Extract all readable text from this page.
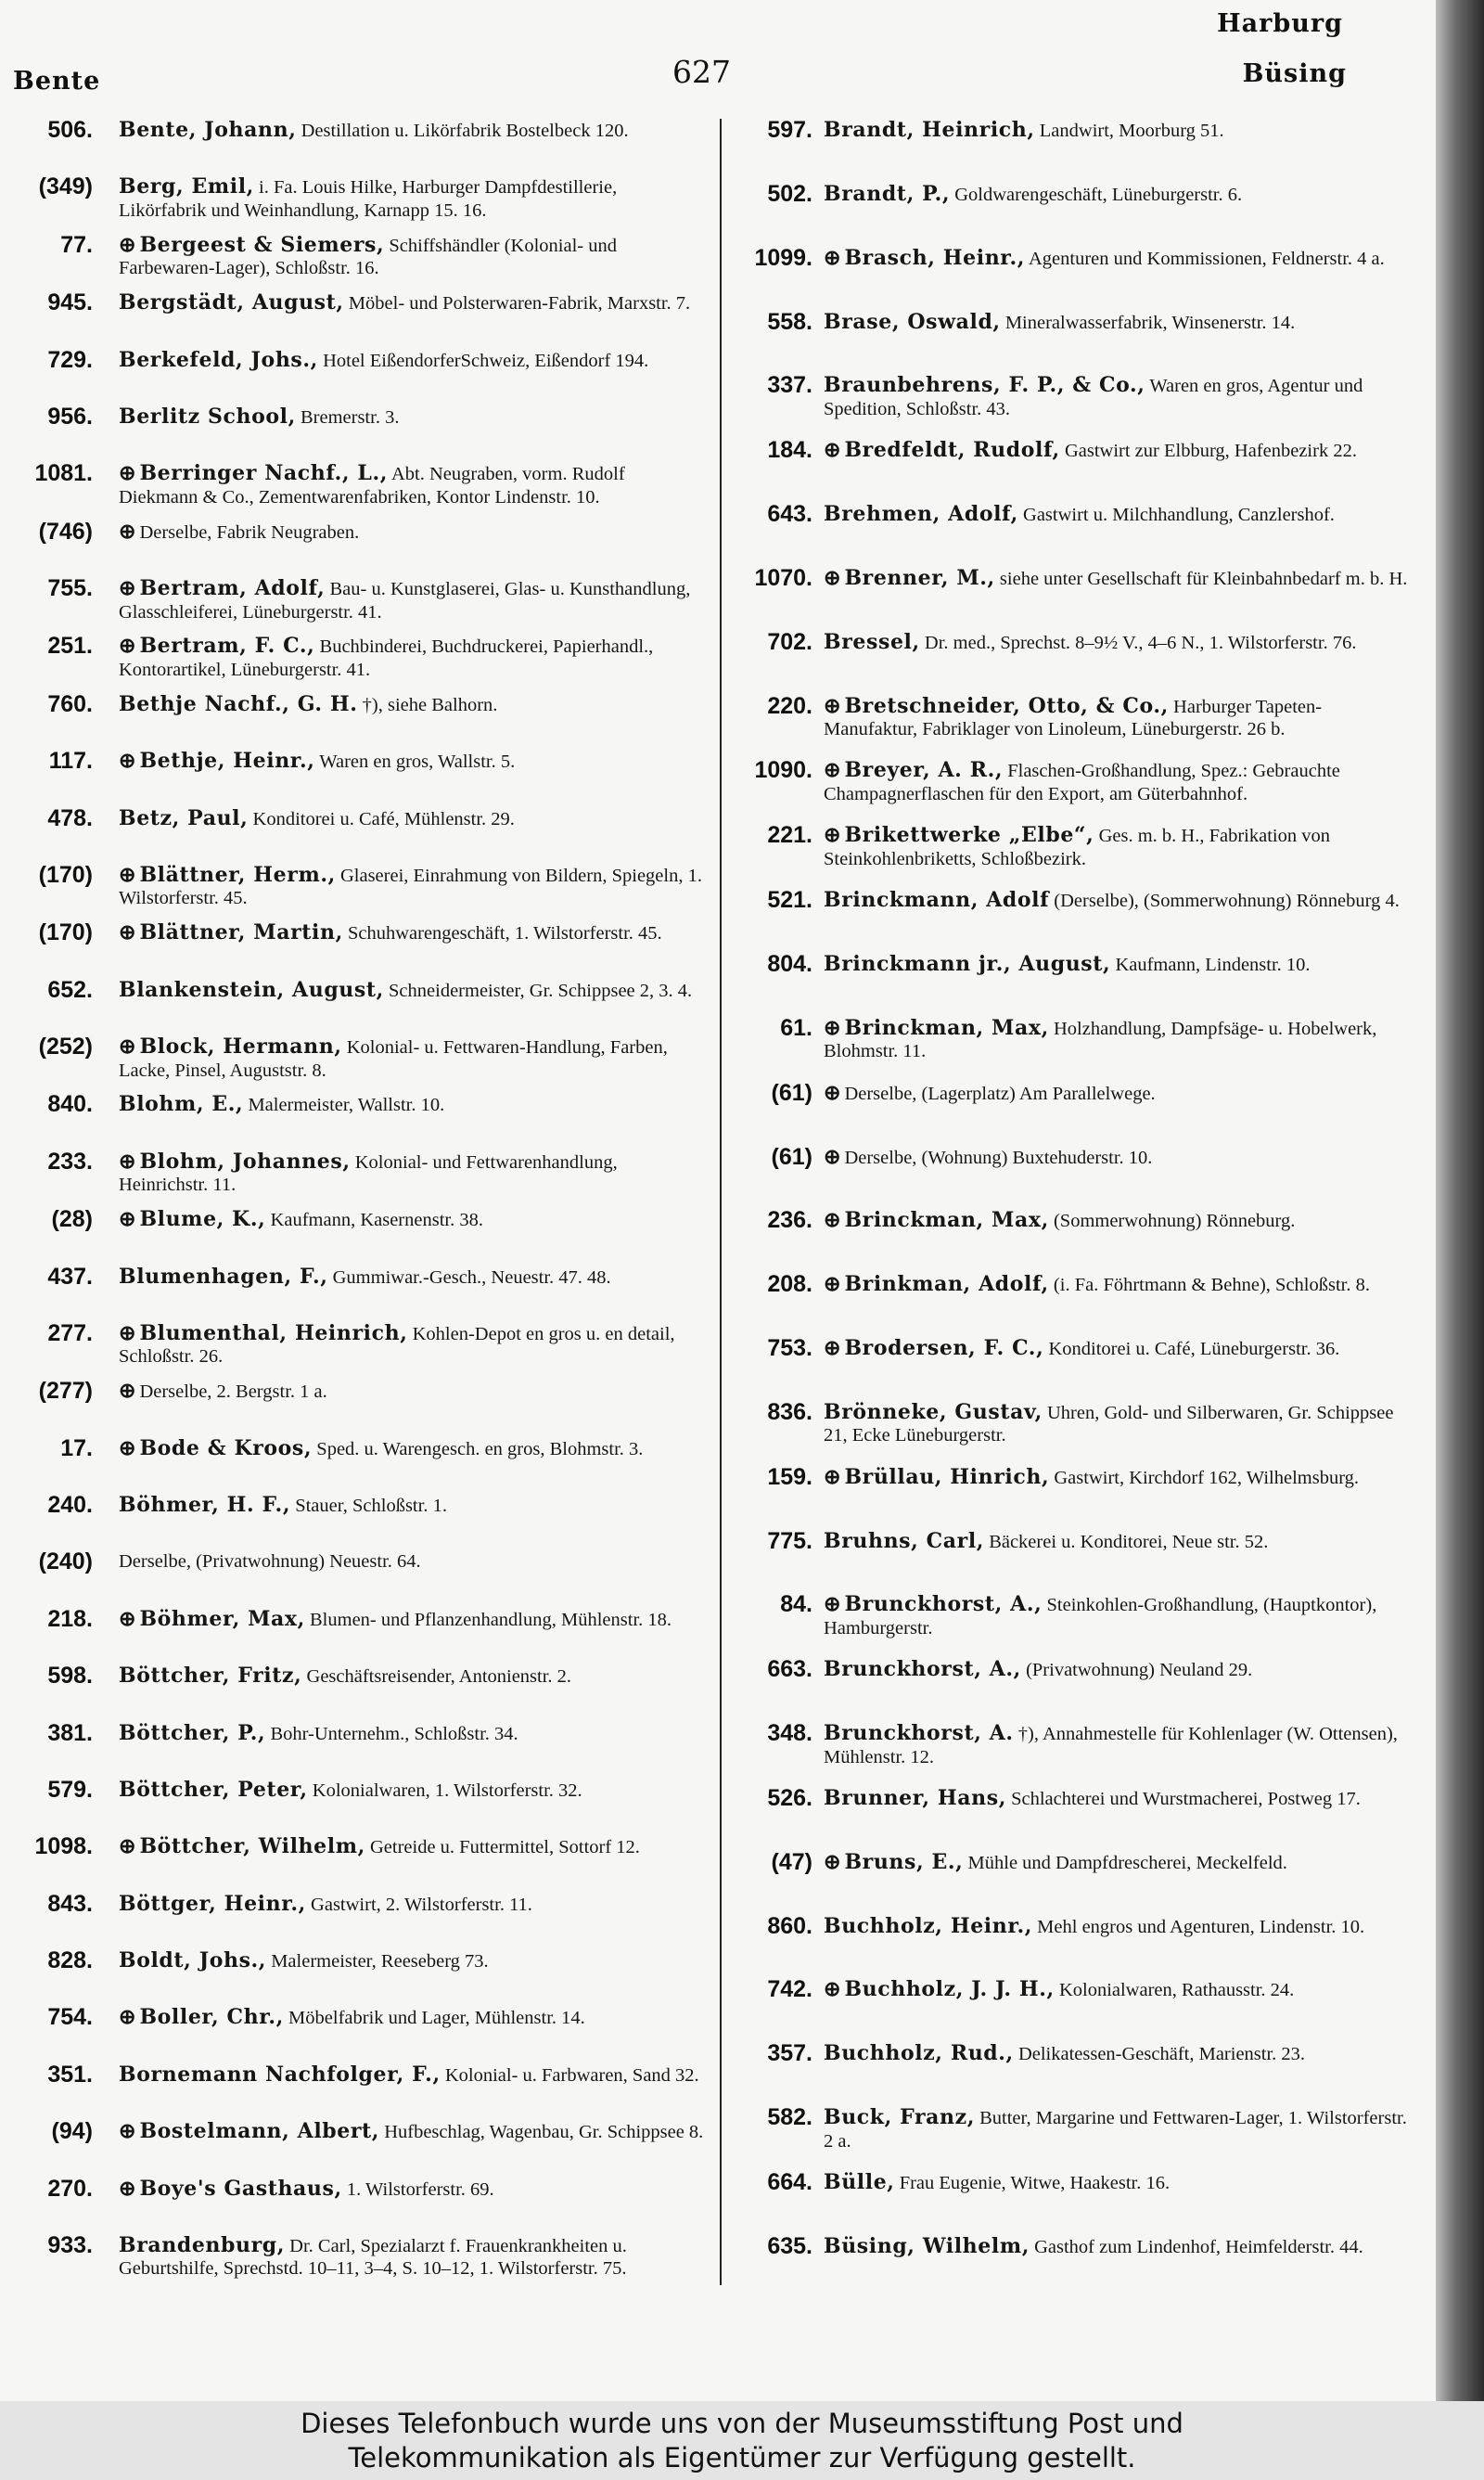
Harburg
Bente	627	Büsing
506. Bente, Johann, Destillation u. Likörfabrik Bostelbeck 120.
(349) Berg, Emil, i. Fa. Louis Hilke, Harburger Dampfdestillerie, Likörfabrik und Weinhandlung, Karnapp 15. 16.
77. ⊕ Bergeest & Siemers, Schiffshändler (Kolonial- und Farbewaren-Lager), Schloßstr. 16.
945. Bergstädt, August, Möbel- und Polsterwaren-Fabrik, Marxstr. 7.
729. Berkefeld, Johs., Hotel EißendorferSchweiz, Eißendorf 194.
956. Berlitz School, Bremerstr. 3.
1081. ⊕ Berringer Nachf., L., Abt. Neugraben, vorm. Rudolf Diekmann & Co., Zementwarenfabriken, Kontor Lindenstr. 10.
(746) ⊕ Derselbe, Fabrik Neugraben.
755. ⊕ Bertram, Adolf, Bau- u. Kunstglaserei, Glas- u. Kunsthandlung, Glasschleiferei, Lüneburgerstr. 41.
251. ⊕ Bertram, F. C., Buchbinderei, Buchdruckerei, Papierhandl., Kontorartikel, Lüneburgerstr. 41.
760. Bethje Nachf., G. H. †), siehe Balhorn.
117. ⊕ Bethje, Heinr., Waren en gros, Wallstr. 5.
478. Betz, Paul, Konditorei u. Café, Mühlenstr. 29.
(170) ⊕ Blättner, Herm., Glaserei, Einrahmung von Bildern, Spiegeln, 1. Wilstorferstr. 45.
(170) ⊕ Blättner, Martin, Schuhwarengeschäft, 1. Wilstorferstr. 45.
652. Blankenstein, August, Schneidermeister, Gr. Schippsee 2, 3. 4.
(252) ⊕ Block, Hermann, Kolonial- u. Fettwaren-Handlung, Farben, Lacke, Pinsel, Auguststr. 8.
840. Blohm, E., Malermeister, Wallstr. 10.
233. ⊕ Blohm, Johannes, Kolonial- und Fettwarenhandlung, Heinrichstr. 11.
(28) ⊕ Blume, K., Kaufmann, Kasernenstr. 38.
437. Blumenhagen, F., Gummiwar.-Gesch., Neuestr. 47. 48.
277. ⊕ Blumenthal, Heinrich, Kohlen-Depot en gros u. en detail, Schloßstr. 26.
(277) ⊕ Derselbe, 2. Bergstr. 1 a.
17. ⊕ Bode & Kroos, Sped. u. Warengesch. en gros, Blohmstr. 3.
240. Böhmer, H. F., Stauer, Schloßstr. 1.
(240) Derselbe, (Privatwohnung) Neuestr. 64.
218. ⊕ Böhmer, Max, Blumen- und Pflanzenhandlung, Mühlenstr. 18.
598. Böttcher, Fritz, Geschäftsreisender, Antonienstr. 2.
381. Böttcher, P., Bohr-Unternehm., Schloßstr. 34.
579. Böttcher, Peter, Kolonialwaren, 1. Wilstorferstr. 32.
1098. ⊕ Böttcher, Wilhelm, Getreide u. Futtermittel, Sottorf 12.
843. Böttger, Heinr., Gastwirt, 2. Wilstorferstr. 11.
828. Boldt, Johs., Malermeister, Reeseberg 73.
754. ⊕ Boller, Chr., Möbelfabrik und Lager, Mühlenstr. 14.
351. Bornemann Nachfolger, F., Kolonial- u. Farbwaren, Sand 32.
(94) ⊕ Bostelmann, Albert, Hufbeschlag, Wagenbau, Gr. Schippsee 8.
270. ⊕ Boye's Gasthaus, 1. Wilstorferstr. 69.
933. Brandenburg, Dr. Carl, Spezialarzt f. Frauenkrankheiten u. Geburtshilfe, Sprechstd. 10–11, 3–4, S. 10–12, 1. Wilstorferstr. 75.
597. Brandt, Heinrich, Landwirt, Moorburg 51.
502. Brandt, P., Goldwarengeschäft, Lüneburgerstr. 6.
1099. ⊕ Brasch, Heinr., Agenturen und Kommissionen, Feldnerstr. 4 a.
558. Brase, Oswald, Mineralwasserfabrik, Winsenerstr. 14.
337. Braunbehrens, F. P., & Co., Waren en gros, Agentur und Spedition, Schloßstr. 43.
184. ⊕ Bredfeldt, Rudolf, Gastwirt zur Elbburg, Hafenbezirk 22.
643. Brehmen, Adolf, Gastwirt u. Milchhandlung, Canzlershof.
1070. ⊕ Brenner, M., siehe unter Gesellschaft für Kleinbahnbedarf m. b. H.
702. Bressel, Dr. med., Sprechst. 8–9½ V., 4–6 N., 1. Wilstorferstr. 76.
220. ⊕ Bretschneider, Otto, & Co., Harburger Tapeten-Manufaktur, Fabriklager von Linoleum, Lüneburgerstr. 26 b.
1090. ⊕ Breyer, A. R., Flaschen-Großhandlung, Spez.: Gebrauchte Champagnerflaschen für den Export, am Güterbahnhof.
221. ⊕ Brikettwerke „Elbe“, Ges. m. b. H., Fabrikation von Steinkohlenbriketts, Schloßbezirk.
521. Brinckmann, Adolf (Derselbe), (Sommerwohnung) Rönneburg 4.
804. Brinckmann jr., August, Kaufmann, Lindenstr. 10.
61. ⊕ Brinckman, Max, Holzhandlung, Dampfsäge- u. Hobelwerk, Blohmstr. 11.
(61) ⊕ Derselbe, (Lagerplatz) Am Parallelwege.
(61) ⊕ Derselbe, (Wohnung) Buxtehuderstr. 10.
236. ⊕ Brinckman, Max, (Sommerwohnung) Rönneburg.
208. ⊕ Brinkman, Adolf, (i. Fa. Föhrtmann & Behne), Schloßstr. 8.
753. ⊕ Brodersen, F. C., Konditorei u. Café, Lüneburgerstr. 36.
836. Brönneke, Gustav, Uhren, Gold- und Silberwaren, Gr. Schippsee 21, Ecke Lüneburgerstr.
159. ⊕ Brüllau, Hinrich, Gastwirt, Kirchdorf 162, Wilhelmsburg.
775. Bruhns, Carl, Bäckerei u. Konditorei, Neue str. 52.
84. ⊕ Brunckhorst, A., Steinkohlen-Großhandlung, (Hauptkontor), Hamburgerstr.
663. Brunckhorst, A., (Privatwohnung) Neuland 29.
348. Brunckhorst, A. †), Annahmestelle für Kohlenlager (W. Ottensen), Mühlenstr. 12.
526. Brunner, Hans, Schlachterei und Wurstmacherei, Postweg 17.
(47) ⊕ Bruns, E., Mühle und Dampfdrescherei, Meckelfeld.
860. Buchholz, Heinr., Mehl engros und Agenturen, Lindenstr. 10.
742. ⊕ Buchholz, J. J. H., Kolonialwaren, Rathausstr. 24.
357. Buchholz, Rud., Delikatessen-Geschäft, Marienstr. 23.
582. Buck, Franz, Butter, Margarine und Fettwaren-Lager, 1. Wilstorferstr. 2 a.
664. Bülle, Frau Eugenie, Witwe, Haakestr. 16.
635. Büsing, Wilhelm, Gasthof zum Lindenhof, Heimfelderstr. 44.
Dieses Telefonbuch wurde uns von der Museumsstiftung Post und
Telekommunikation als Eigentümer zur Verfügung gestellt.
